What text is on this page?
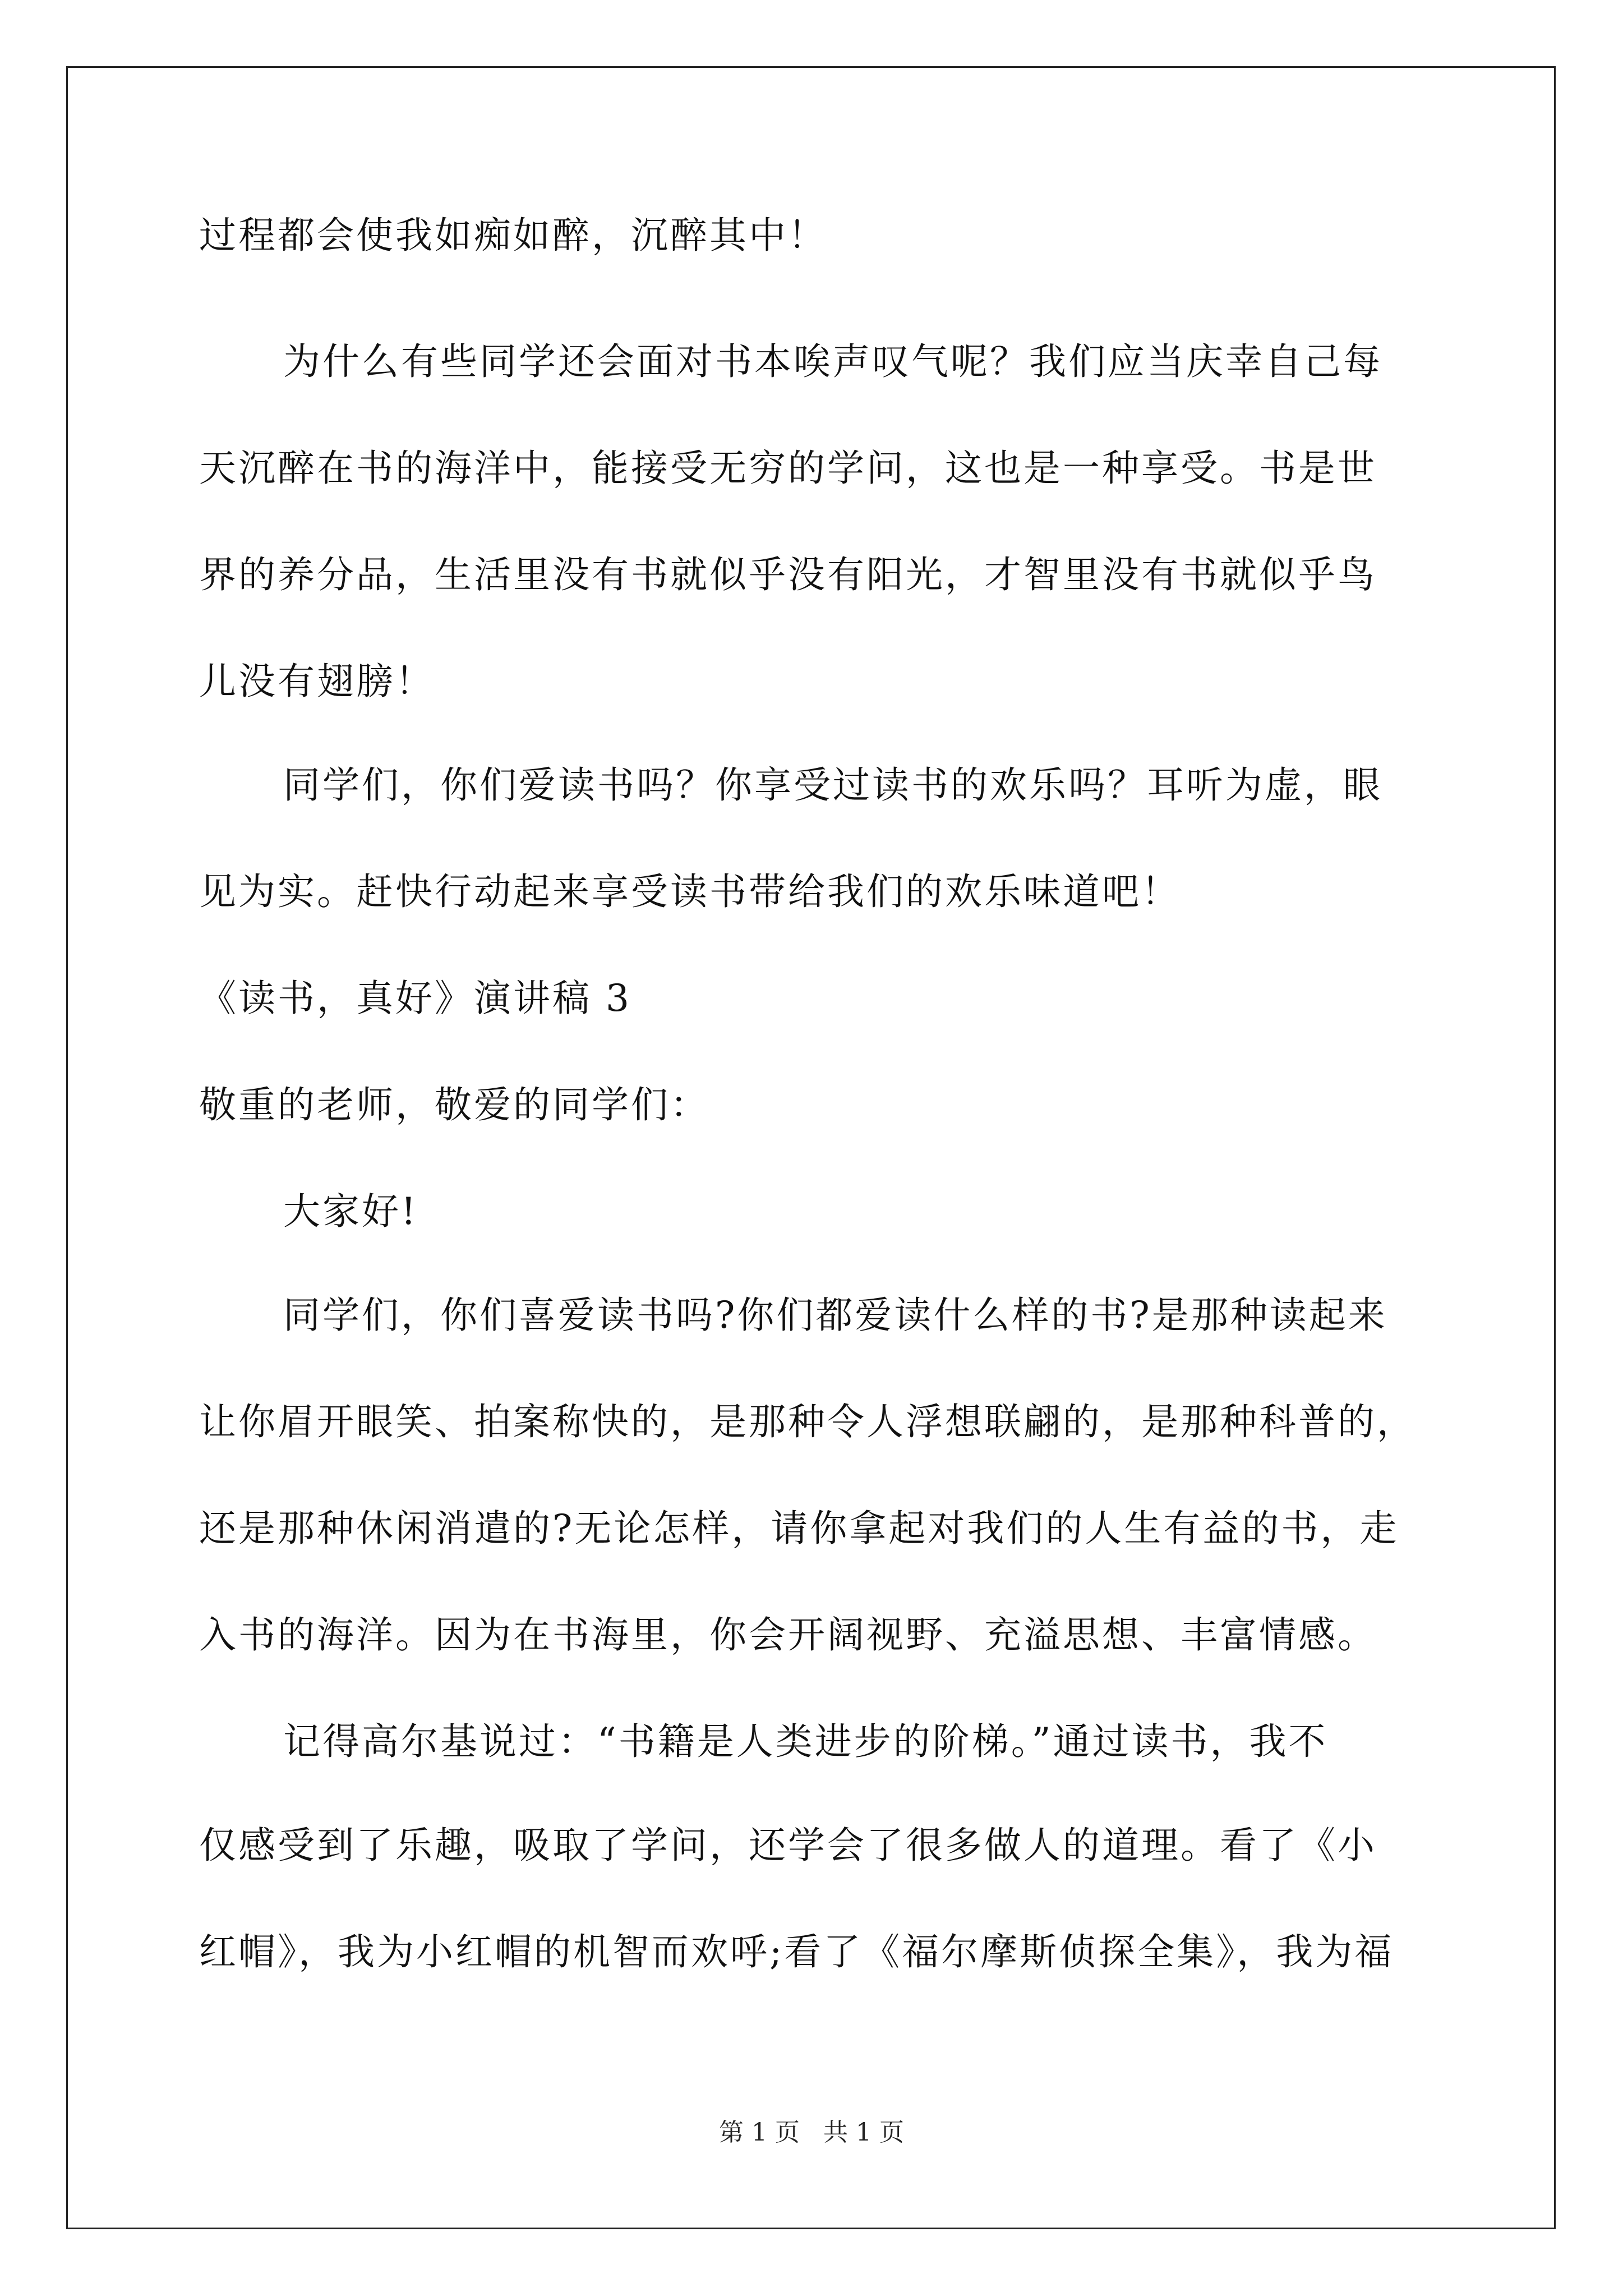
过程都会使我如痴如醉，沉醉其中！
为什么有些同学还会面对书本唉声叹气呢？我们应当庆幸自己每
天沉醉在书的海洋中，能接受无穷的学问，这也是一种享受。书是世
界的养分品，生活里没有书就似乎没有阳光，才智里没有书就似乎鸟
儿没有翅膀！
同学们，你们爱读书吗？你享受过读书的欢乐吗？耳听为虚，眼
见为实。赶快行动起来享受读书带给我们的欢乐味道吧！
《读书，真好》演讲稿 3
敬重的老师，敬爱的同学们：
大家好!
同学们，你们喜爱读书吗?你们都爱读什么样的书?是那种读起来
让你眉开眼笑、拍案称快的，是那种令人浮想联翩的，是那种科普的，
还是那种休闲消遣的?无论怎样，请你拿起对我们的人生有益的书，走
入书的海洋。因为在书海里，你会开阔视野、充溢思想、丰富情感。
记得高尔基说过：“书籍是人类进步的阶梯。”通过读书，我不
仅感受到了乐趣，吸取了学问，还学会了很多做人的道理。看了《小
红帽》，我为小红帽的机智而欢呼;看了《福尔摩斯侦探全集》，我为福
第 1 页 共 1 页
